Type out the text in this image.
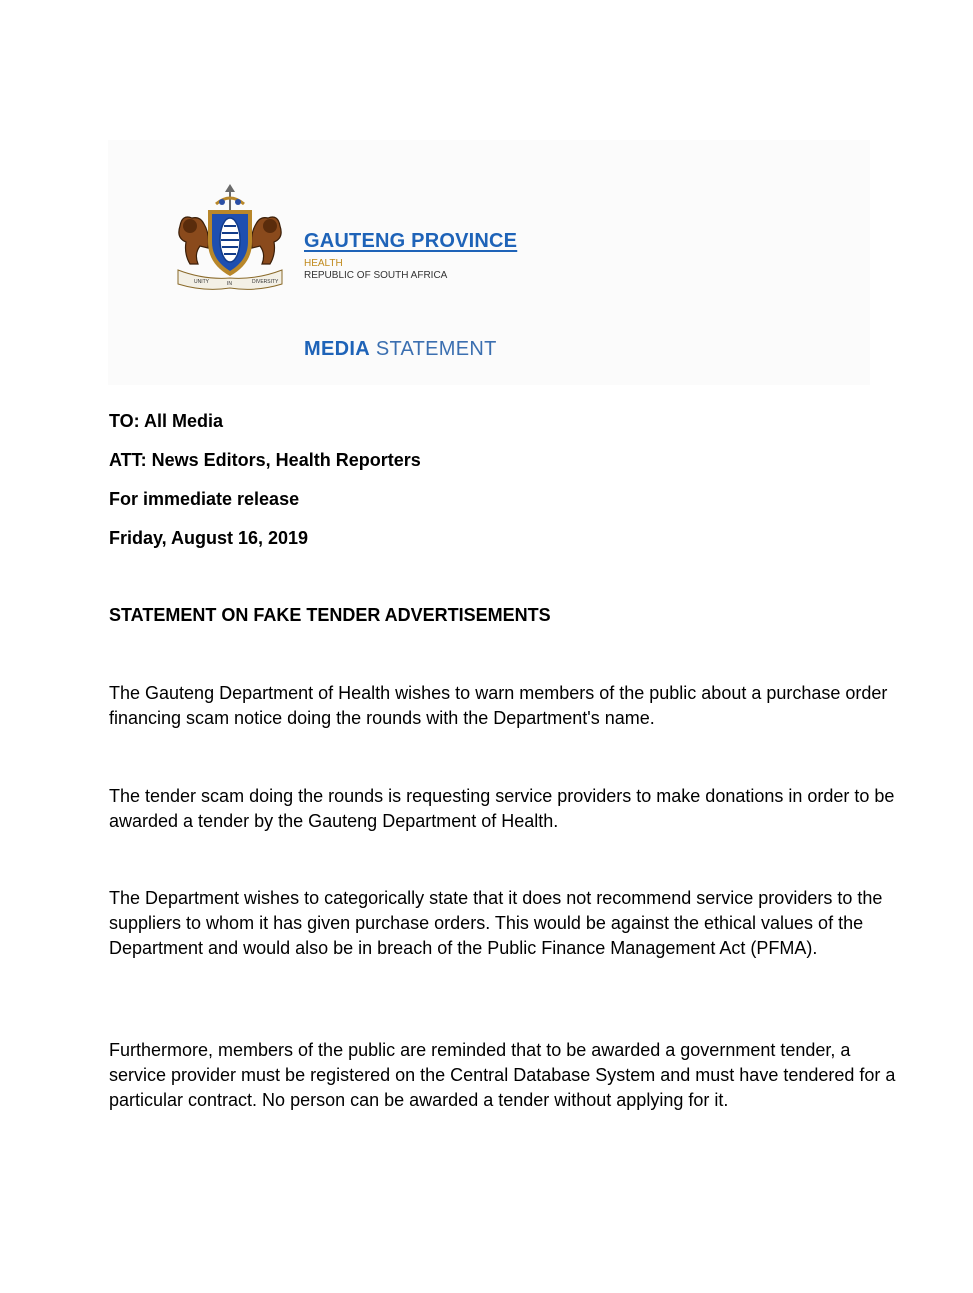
UNITY	IN	DIVERSITY
GAUTENG PROVINCE
HEALTH
REPUBLIC OF SOUTH AFRICA
MEDIA STATEMENT
TO: All Media
ATT: News Editors, Health Reporters
For immediate release
Friday, August 16, 2019
STATEMENT ON FAKE TENDER ADVERTISEMENTS
The Gauteng Department of Health wishes to warn members of the public about a purchase order financing scam notice doing the rounds with the Department's name.
The tender scam doing the rounds is requesting service providers to make donations in order to be awarded a tender by the Gauteng Department of Health.
The Department wishes to categorically state that it does not recommend service providers to the suppliers to whom it has given purchase orders. This would be against the ethical values of the Department and would also be in breach of the Public Finance Management Act (PFMA).
Furthermore, members of the public are reminded that to be awarded a government tender, a service provider must be registered on the Central Database System and must have tendered for a particular contract. No person can be awarded a tender without applying for it.
